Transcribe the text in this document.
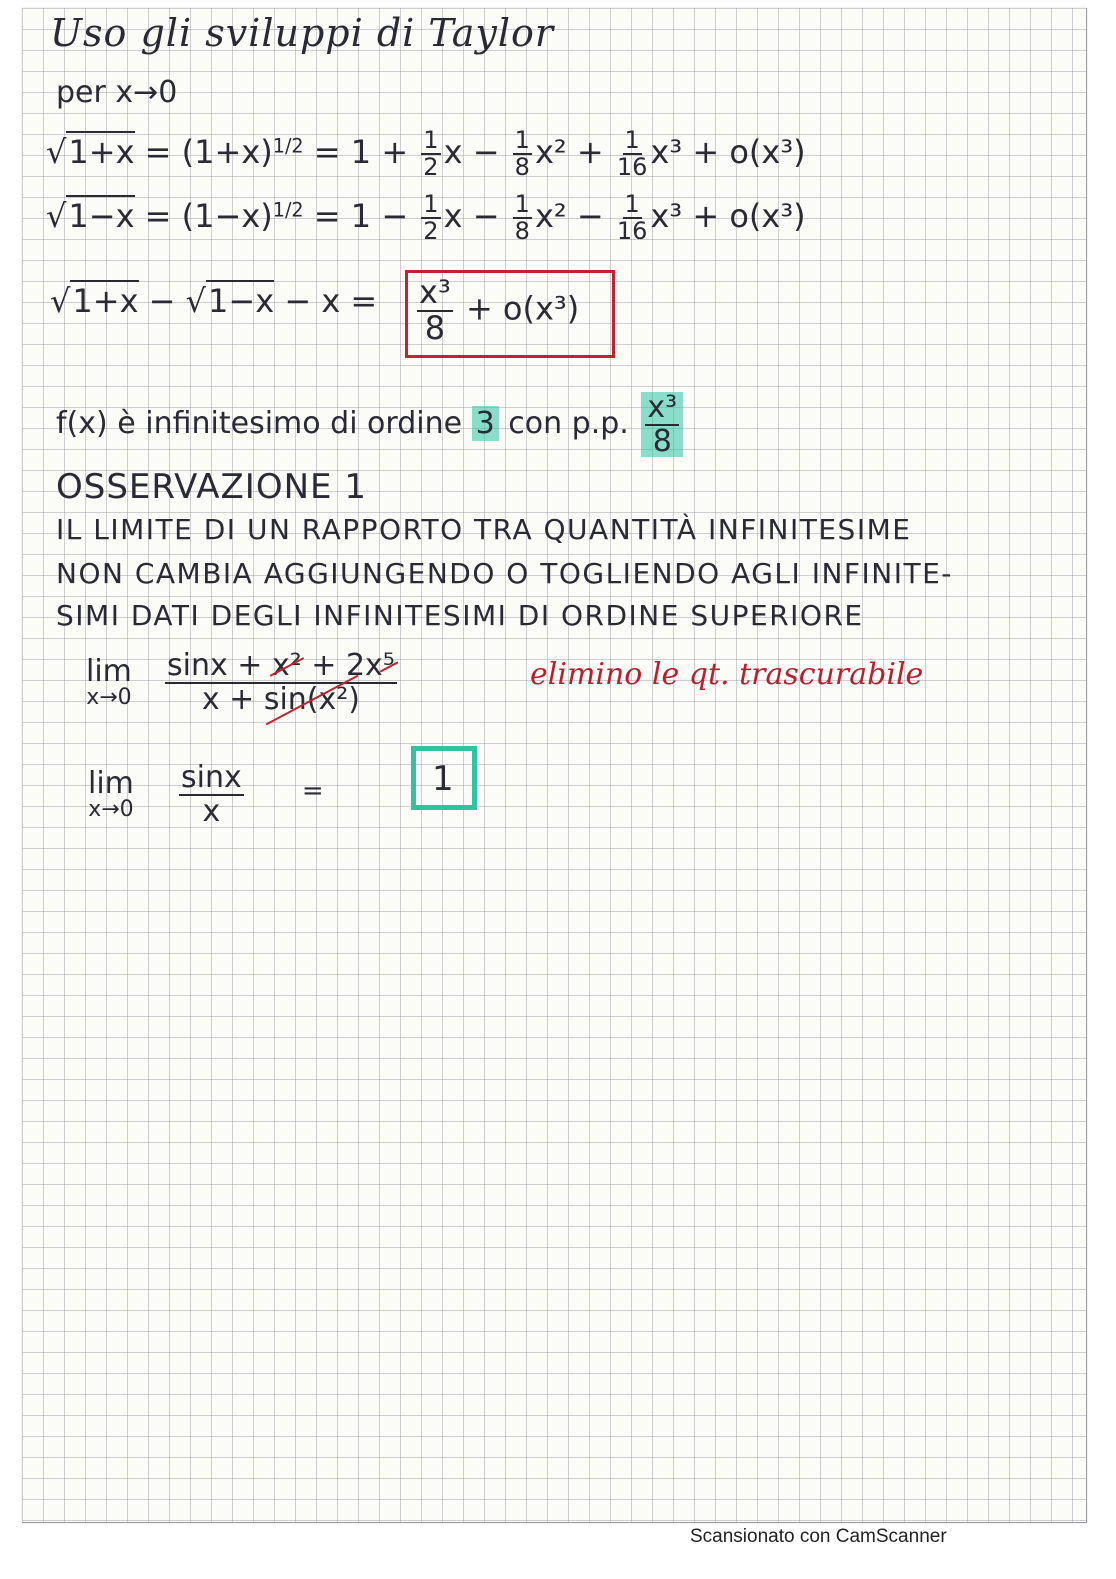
Uso gli sviluppi di Taylor
per x→0
$√1+x = (1+x)^{1/2} = 1 + \frac{1}{2}$ $x - \frac{1}{8} x^2 + \frac{1}{16} x^3 + o(x^3)$
$√1-x = (1-x)^{1/2} = 1 - \frac{1}{2}$ $x - \frac{1}{8} x^2 - \frac{1}{16} x^3 + o(x^3)$
$√1+x - √1-x - x = \frac{\text{x³}}{8} + o(x^3)$
f(x) è infinitesimo di ordine 3 con p.p. $\frac{\text{x³}}{8}$
OSSERVAZIONE 1
IL LIMITE DI UN RAPPORTO TRA QUANTITÀ INFINITESIME
NON CAMBIA AGGIUNGENDO O TOGLIENDO AGLI INFINITE-
SIMI DATI DEGLI INFINITESIMI DI ORDINE SUPERIORE
lim
x→0
$\frac{\text{sinx + x² + 2x⁵}}{\text{x + sin(x²)}}$	elimino le qt. trascurabile
lim
x→0
$\frac{\sin x}{x}$ =	1
Scansionato con CamScanner
